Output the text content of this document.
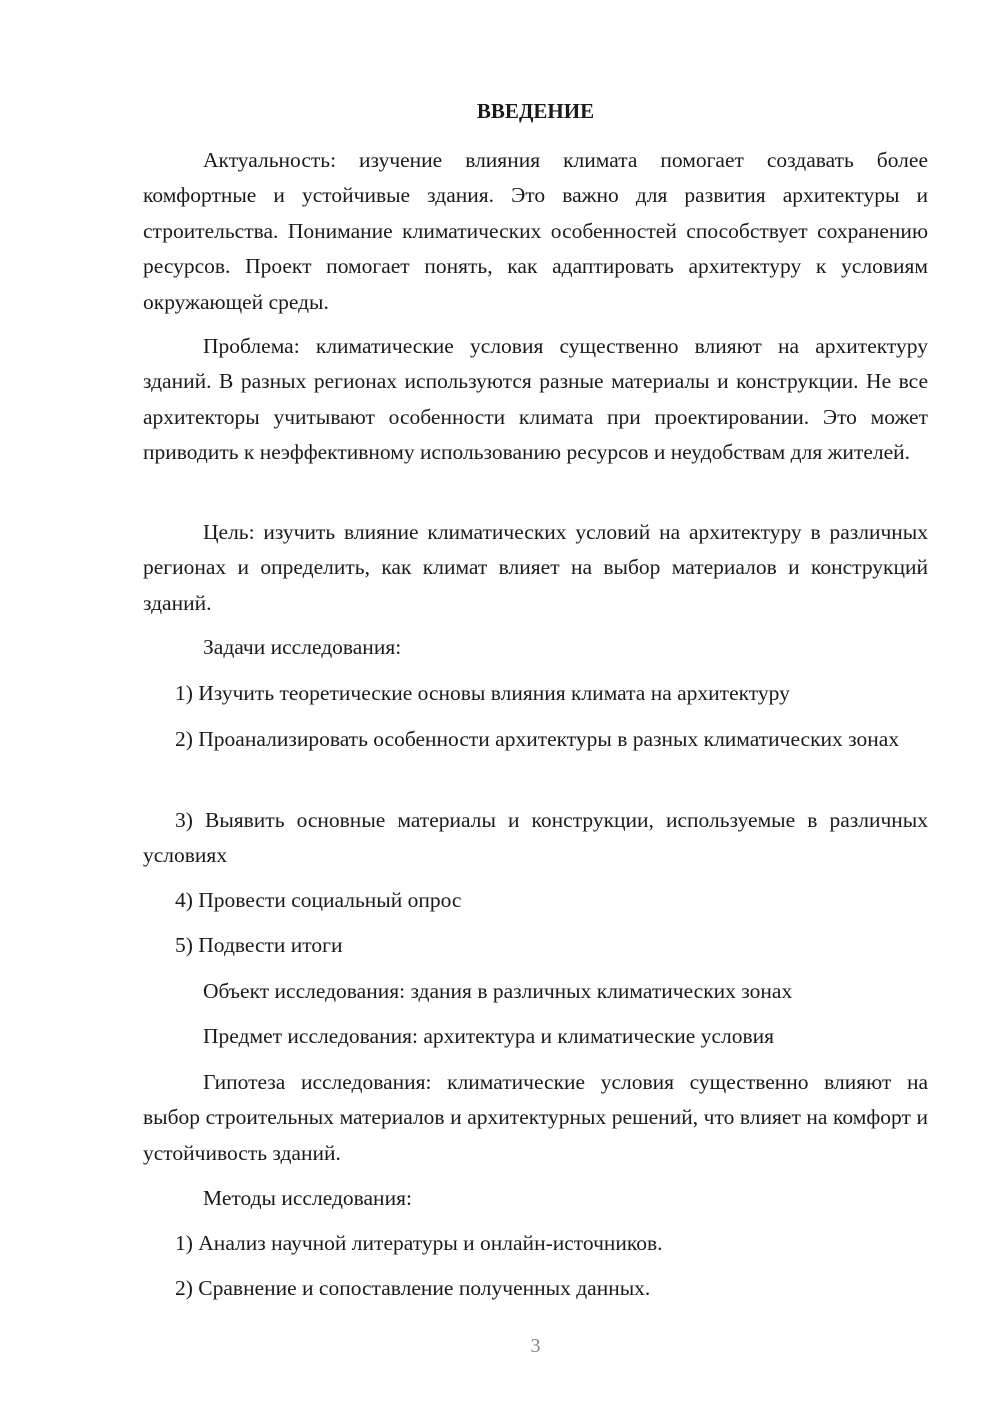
ВВЕДЕНИЕ

Актуальность: изучение влияния климата помогает создавать более комфортные и устойчивые здания. Это важно для развития архитектуры и строительства. Понимание климатических особенностей способствует сохранению ресурсов. Проект помогает понять, как адаптировать архитектуру к условиям окружающей среды.

Проблема: климатические условия существенно влияют на архитектуру зданий. В разных регионах используются разные материалы и конструкции. Не все архитекторы учитывают особенности климата при проектировании. Это может приводить к неэффективному использованию ресурсов и неудобствам для жителей.

Цель: изучить влияние климатических условий на архитектуру в различных регионах и определить, как климат влияет на выбор материалов и конструкций зданий.

Задачи исследования:

1) Изучить теоретические основы влияния климата на архитектуру

2) Проанализировать особенности архитектуры в разных климатических зонах

3) Выявить основные материалы и конструкции, используемые в различных условиях

4) Провести социальный опрос

5) Подвести итоги

Объект исследования: здания в различных климатических зонах

Предмет исследования: архитектура и климатические условия

Гипотеза исследования: климатические условия существенно влияют на выбор строительных материалов и архитектурных решений, что влияет на комфорт и устойчивость зданий.

Методы исследования:

1) Анализ научной литературы и онлайн-источников.

2) Сравнение и сопоставление полученных данных.

3
